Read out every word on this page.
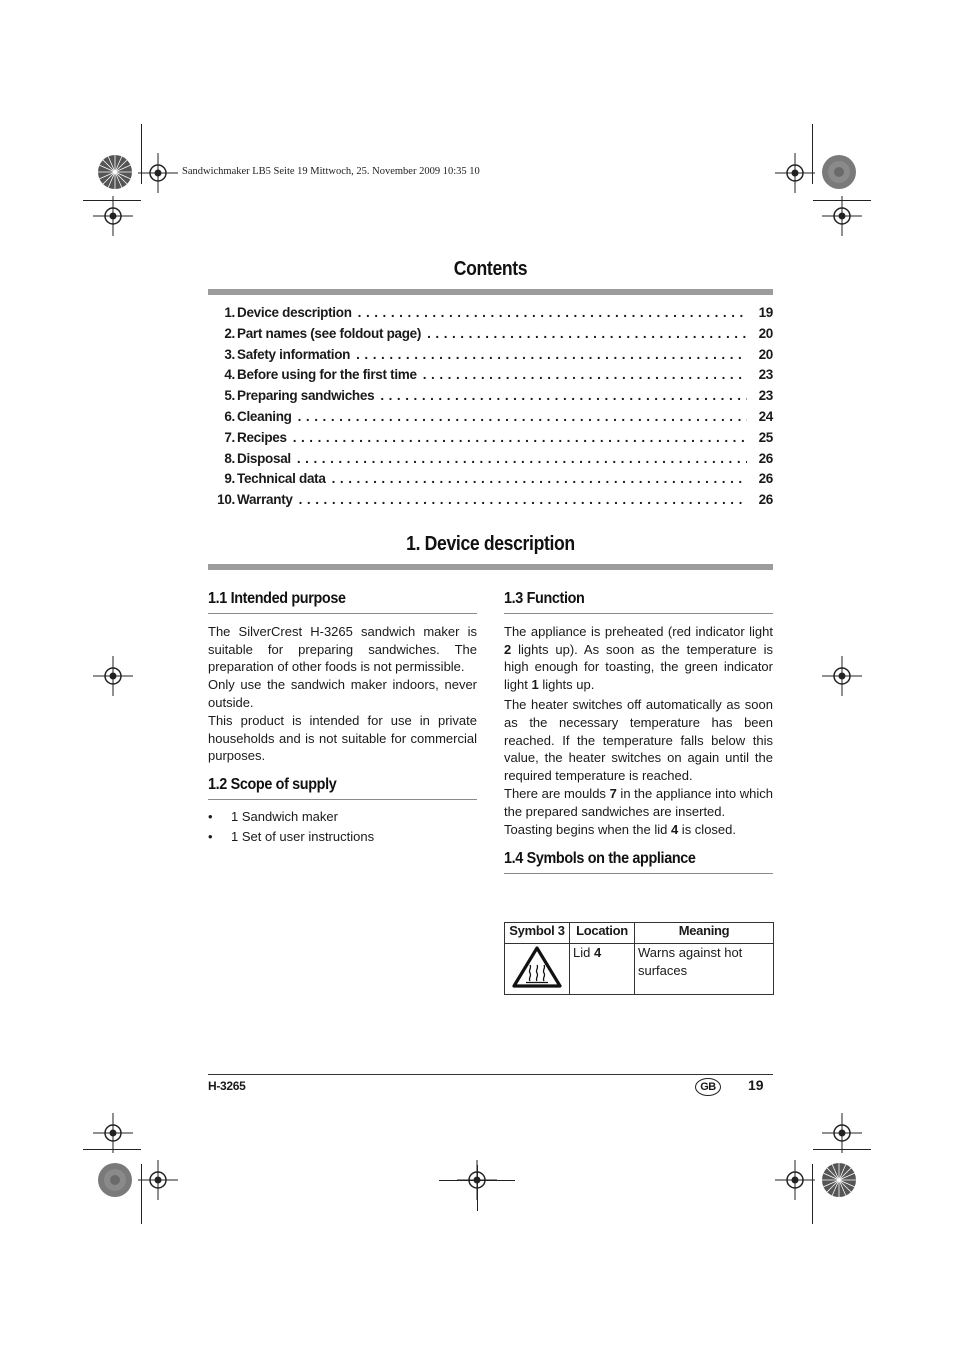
Sandwichmaker LB5 Seite 19 Mittwoch, 25. November 2009 10:35 10
Contents
1. Device description . . .	19
2. Part names (see foldout page) . . .	20
3. Safety information . . .	20
4. Before using for the first time . . .	23
5. Preparing sandwiches . . .	23
6. Cleaning . . .	24
7. Recipes . . .	25
8. Disposal . . .	26
9. Technical data . . .	26
10. Warranty . . .	26
1. Device description
1.1 Intended purpose

The SilverCrest H-3265 sandwich maker is suitable for preparing sandwiches. The preparation of other foods is not permissible.

Only use the sandwich maker indoors, never outside.

This product is intended for use in private households and is not suitable for commercial purposes.

1.2 Scope of supply
• 1 Sandwich maker
• 1 Set of user instructions
1.3 Function

The appliance is preheated (red indicator light 2 lights up). As soon as the temperature is high enough for toasting, the green indicator light 1 lights up.

The heater switches off automatically as soon as the necessary temperature has been reached. If the temperature falls below this value, the heater switches on again until the required temperature is reached.

There are moulds 7 in the appliance into which the prepared sandwiches are inserted.

Toasting begins when the lid 4 is closed.

1.4 Symbols on the appliance
Symbol 3	Location	Meaning
	Lid 4	Warns against hot surfaces
H-3265	GB	19
